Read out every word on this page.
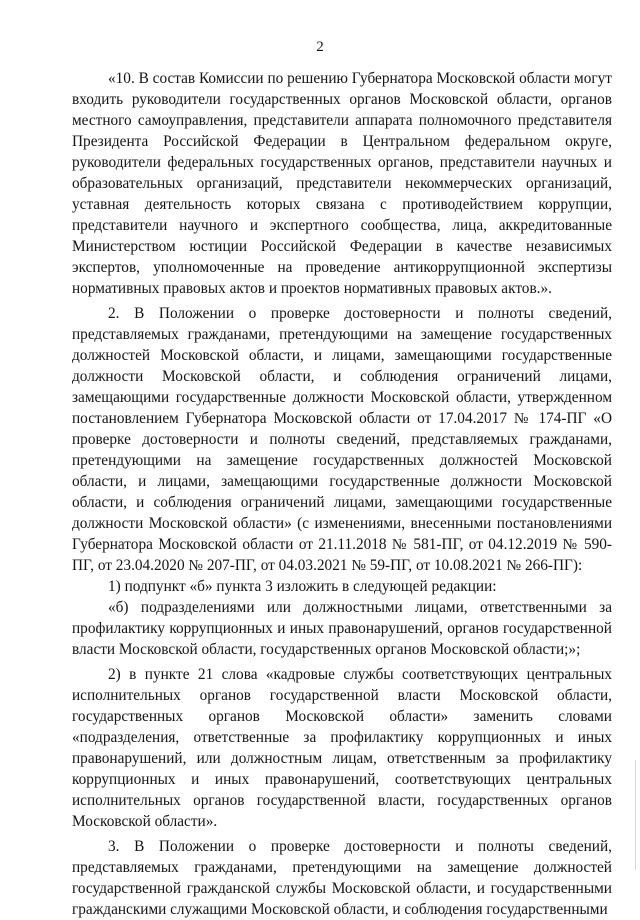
2

«10. В состав Комиссии по решению Губернатора Московской области могут входить руководители государственных органов Московской области, органов местного самоуправления, представители аппарата полномочного представителя Президента Российской Федерации в Центральном федеральном округе, руководители федеральных государственных органов, представители научных и образовательных организаций, представители некоммерческих организаций, уставная деятельность которых связана с противодействием коррупции, представители научного и экспертного сообщества, лица, аккредитованные Министерством юстиции Российской Федерации в качестве независимых экспертов, уполномоченные на проведение антикоррупционной экспертизы нормативных правовых актов и проектов нормативных правовых актов.».

2. В Положении о проверке достоверности и полноты сведений, представляемых гражданами, претендующими на замещение государственных должностей Московской области, и лицами, замещающими государственные должности Московской области, и соблюдения ограничений лицами, замещающими государственные должности Московской области, утвержденном постановлением Губернатора Московской области от 17.04.2017 № 174-ПГ «О проверке достоверности и полноты сведений, представляемых гражданами, претендующими на замещение государственных должностей Московской области, и лицами, замещающими государственные должности Московской области, и соблюдения ограничений лицами, замещающими государственные должности Московской области» (с изменениями, внесенными постановлениями Губернатора Московской области от 21.11.2018 № 581-ПГ, от 04.12.2019 № 590-ПГ, от 23.04.2020 № 207-ПГ, от 04.03.2021 № 59-ПГ, от 10.08.2021 № 266-ПГ):

1) подпункт «б» пункта 3 изложить в следующей редакции:

«б) подразделениями или должностными лицами, ответственными за профилактику коррупционных и иных правонарушений, органов государственной власти Московской области, государственных органов Московской области;»;

2) в пункте 21 слова «кадровые службы соответствующих центральных исполнительных органов государственной власти Московской области, государственных органов Московской области» заменить словами «подразделения, ответственные за профилактику коррупционных и иных правонарушений, или должностным лицам, ответственным за профилактику коррупционных и иных правонарушений, соответствующих центральных исполнительных органов государственной власти, государственных органов Московской области».

3. В Положении о проверке достоверности и полноты сведений, представляемых гражданами, претендующими на замещение должностей государственной гражданской службы Московской области, и государственными гражданскими служащими Московской области, и соблюдения государственными
